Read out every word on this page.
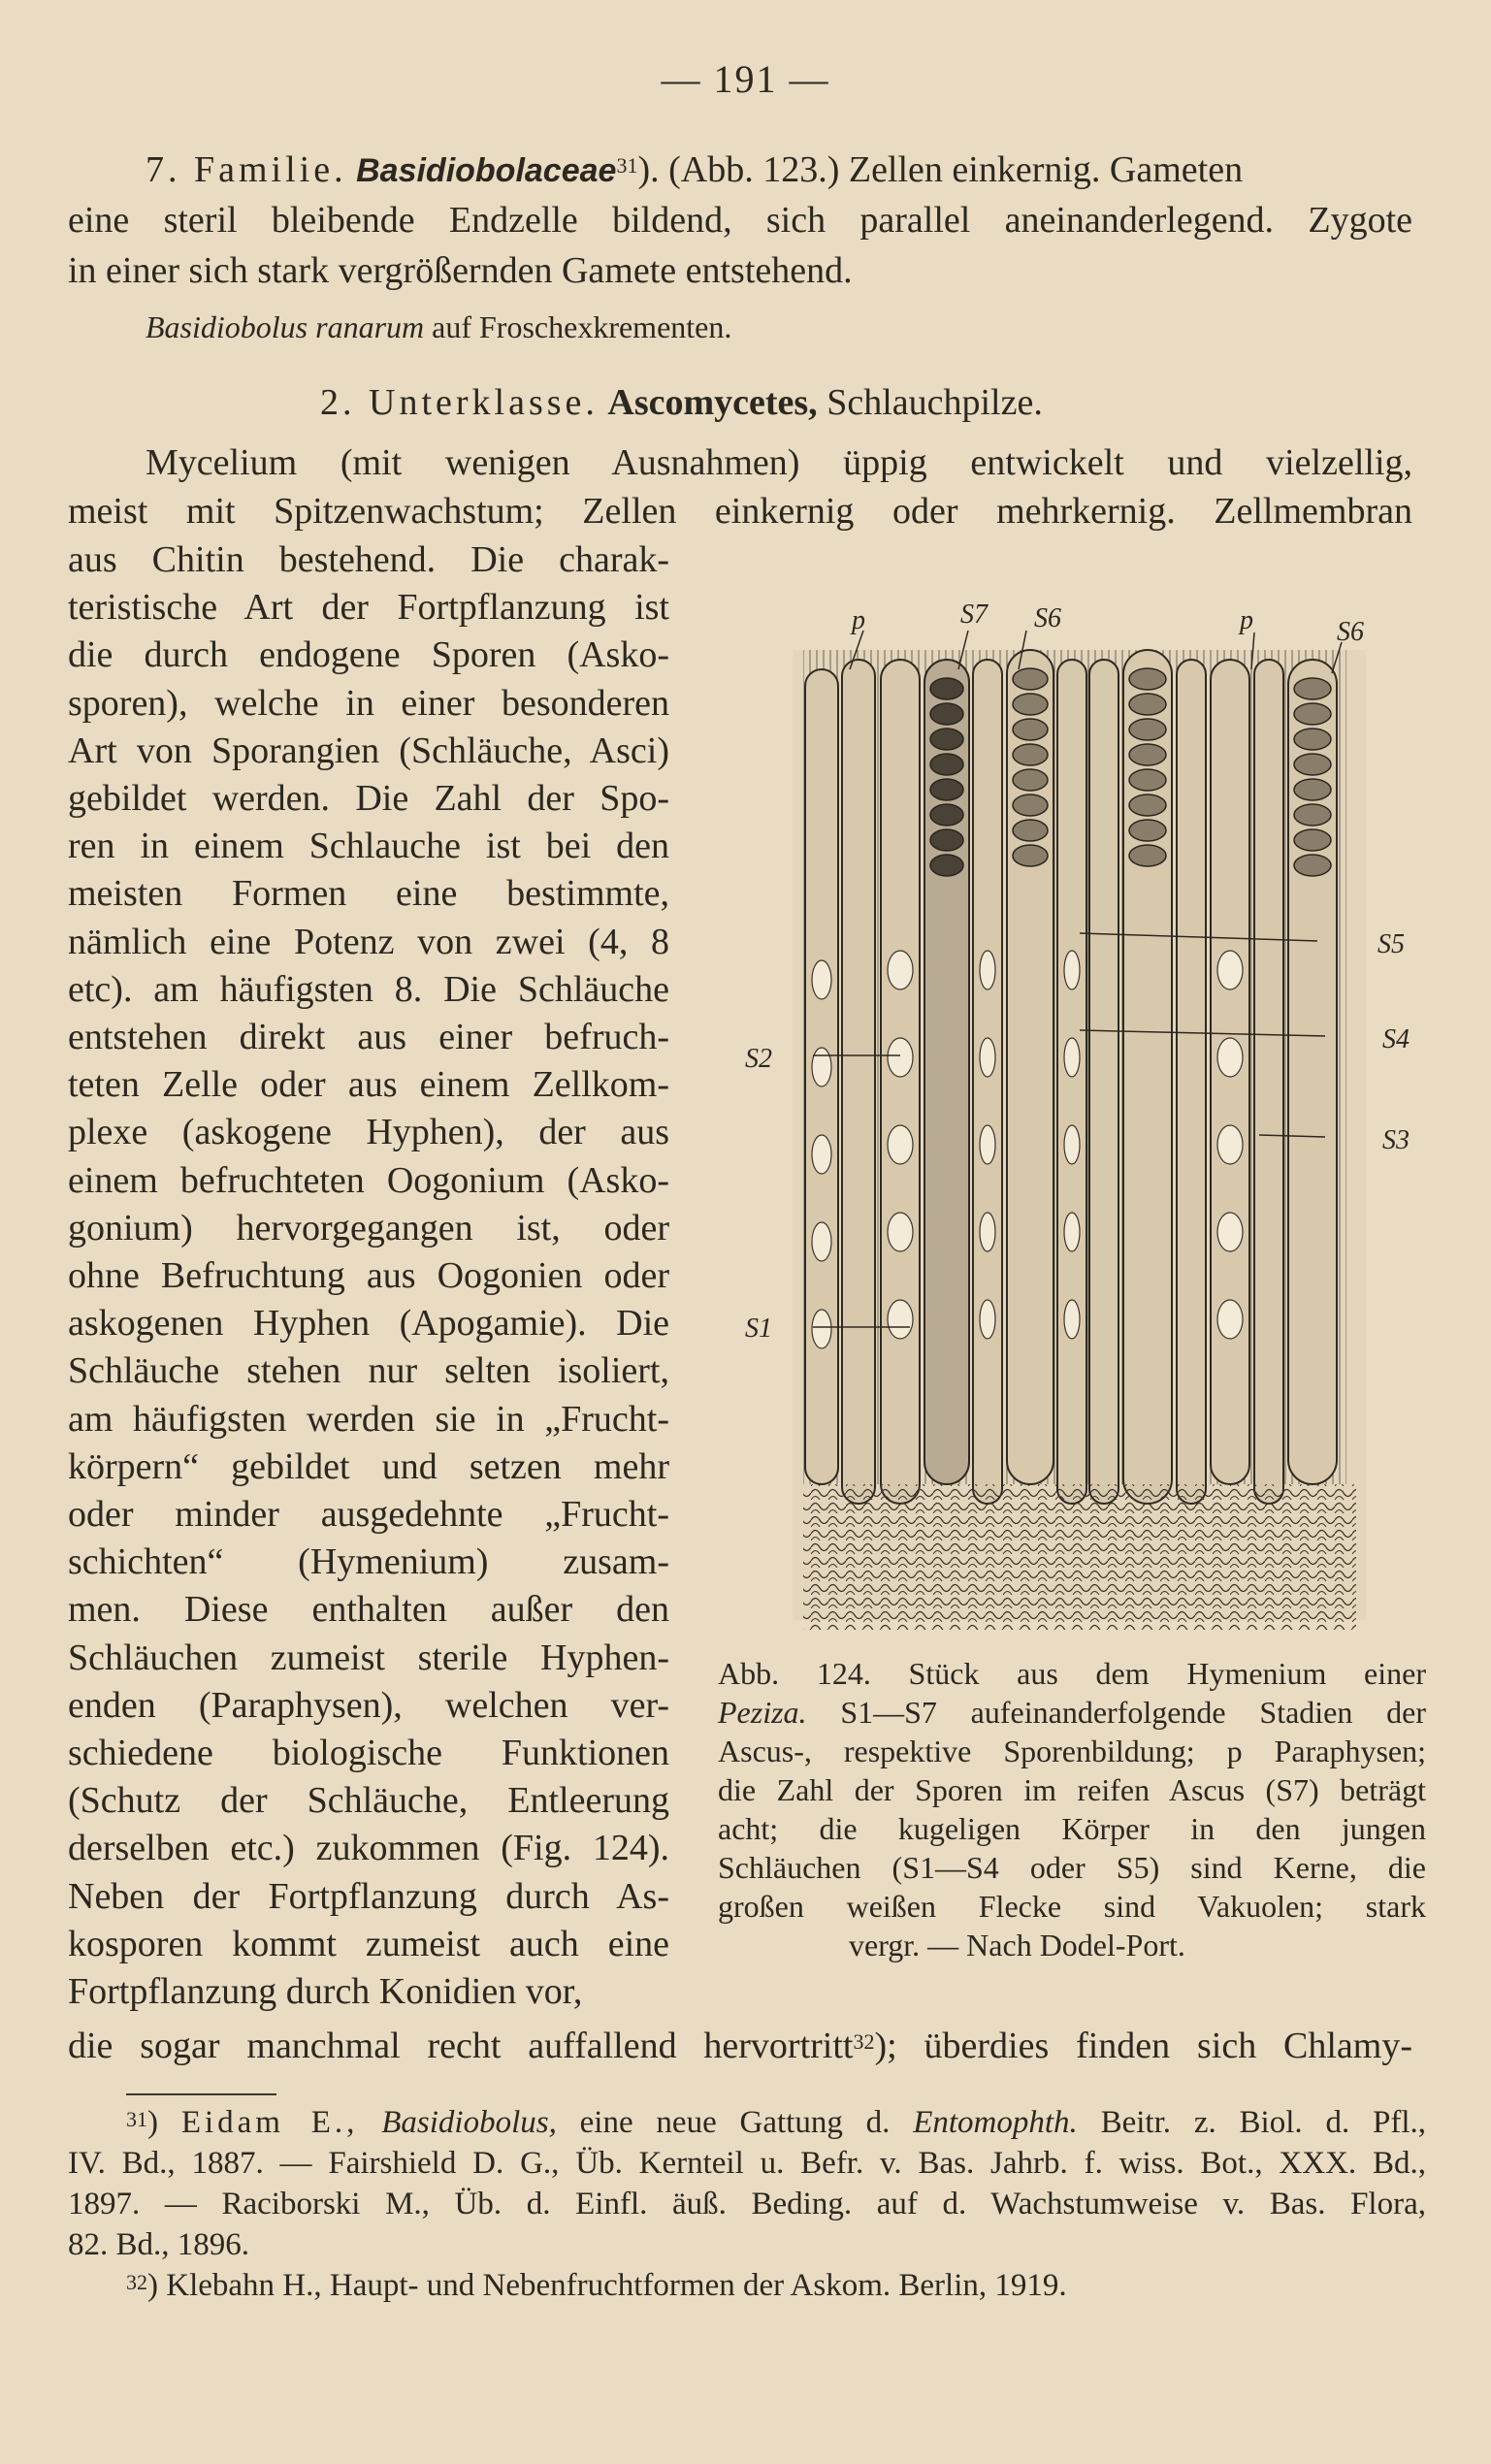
— 191 —
7. Familie. Basidiobolaceae$^{31}$). (Abb. 123.) Zellen einkernig. Gameten
eine steril bleibende Endzelle bildend, sich parallel aneinanderlegend. Zygote
in einer sich stark vergrößernden Gamete entstehend.
Basidiobolus ranarum auf Froschexkrementen.
2. Unterklasse. Ascomycetes, Schlauchpilze.
Mycelium (mit wenigen Ausnahmen) üppig entwickelt und vielzellig,
meist mit Spitzenwachstum; Zellen einkernig oder mehrkernig. Zellmembran
aus Chitin bestehend. Die charak-
teristische Art der Fortpflanzung ist
die durch endogene Sporen (Asko-
sporen), welche in einer besonderen
Art von Sporangien (Schläuche, Asci)
gebildet werden. Die Zahl der Spo-
ren in einem Schlauche ist bei den
meisten Formen eine bestimmte,
nämlich eine Potenz von zwei (4, 8
etc). am häufigsten 8. Die Schläuche
entstehen direkt aus einer befruch-
teten Zelle oder aus einem Zellkom-
plexe (askogene Hyphen), der aus
einem befruchteten Oogonium (Asko-
gonium) hervorgegangen ist, oder
ohne Befruchtung aus Oogonien oder
askogenen Hyphen (Apogamie). Die
Schläuche stehen nur selten isoliert,
am häufigsten werden sie in „Frucht-
körpern“ gebildet und setzen mehr
oder minder ausgedehnte „Frucht-
schichten“ (Hymenium) zusam-
men. Diese enthalten außer den
Schläuchen zumeist sterile Hyphen-
enden (Paraphysen), welchen ver-
schiedene biologische Funktionen
(Schutz der Schläuche, Entleerung
derselben etc.) zukommen (Fig. 124).
Neben der Fortpflanzung durch As-
kosporen kommt zumeist auch eine
Fortpflanzung durch Konidien vor,
die sogar manchmal recht auffallend hervortritt$^{32}$); überdies finden sich Chlamy-
p	S7 S6	p	S6
S2
S1
S5
S4
S3
Abb. 124. Stück aus dem Hymenium einer
Peziza. S1—S7 aufeinanderfolgende Stadien der
Ascus-, respektive Sporenbildung; p Paraphysen;
die Zahl der Sporen im reifen Ascus (S7) beträgt
acht; die kugeligen Körper in den jungen
Schläuchen (S1—S4 oder S5) sind Kerne, die
großen weißen Flecke sind Vakuolen; stark
vergr. — Nach Dodel-Port.
$^{31}$) Eidam E., Basidiobolus, eine neue Gattung d. Entomophth. Beitr. z. Biol. d. Pfl.,
IV. Bd., 1887. — Fairshield D. G., Üb. Kernteil u. Befr. v. Bas. Jahrb. f. wiss. Bot., XXX. Bd.,
1897. — Raciborski M., Üb. d. Einfl. äuß. Beding. auf d. Wachstumweise v. Bas. Flora,
82. Bd., 1896.
$^{32}$) Klebahn H., Haupt- und Nebenfruchtformen der Askom. Berlin, 1919.
